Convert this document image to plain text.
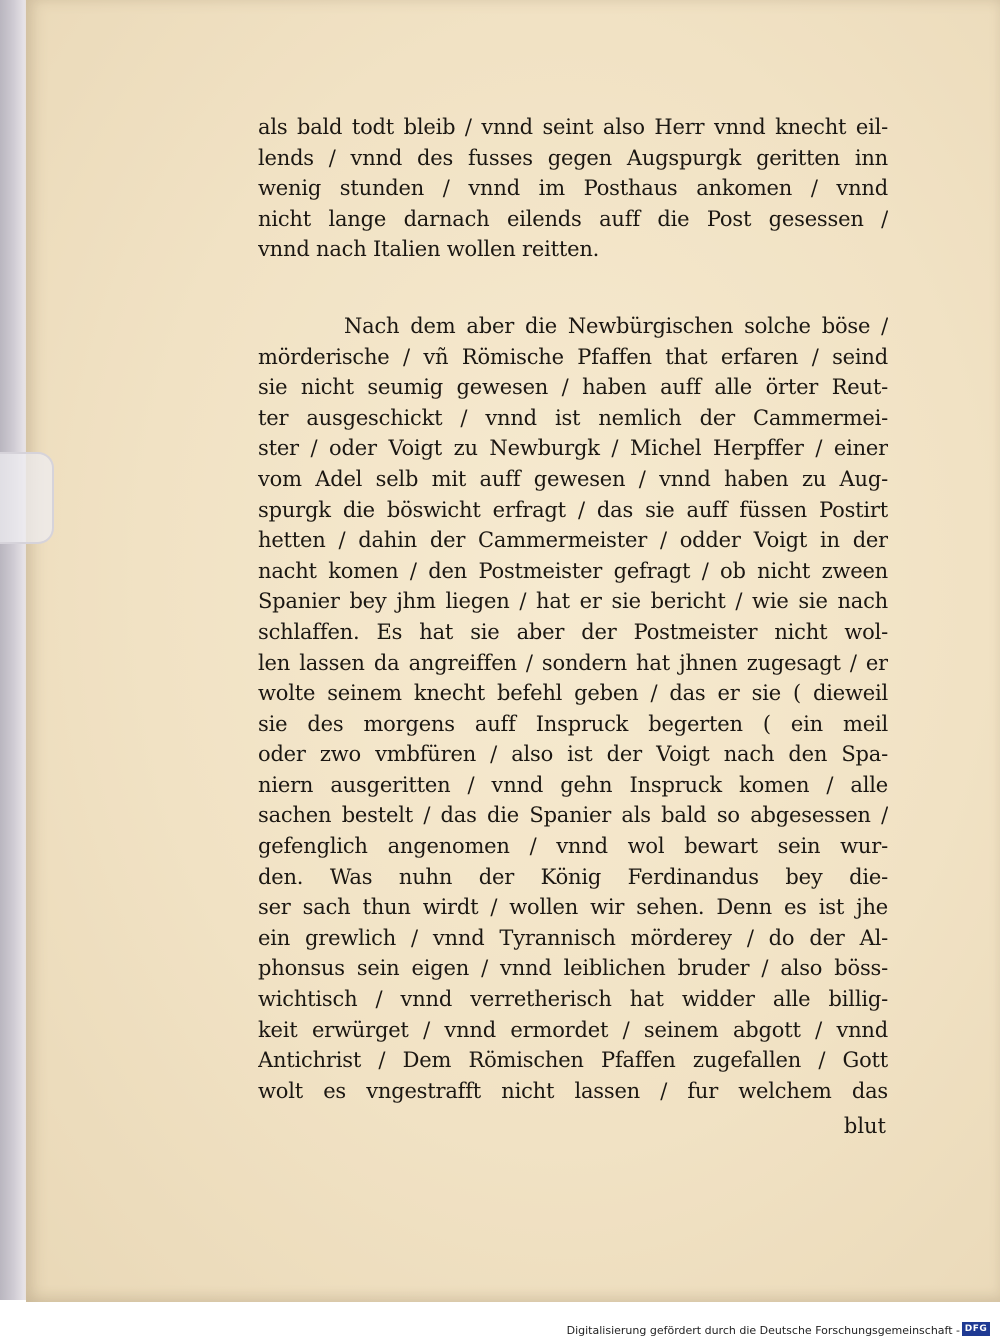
als bald todt bleib / vnnd seint also Herr vnnd knecht eil-
lends / vnnd des fusses gegen Augspurgk geritten inn
wenig stunden / vnnd im Posthaus ankomen / vnnd
nicht lange darnach eilends auff die Post gesessen /
vnnd nach Italien wollen reitten.
Nach dem aber die Newbürgischen solche böse /
mörderische / vñ Römische Pfaffen that erfaren / seind
sie nicht seumig gewesen / haben auff alle örter Reut-
ter ausgeschickt / vnnd ist nemlich der Cammermei-
ster / oder Voigt zu Newburgk / Michel Herpffer / einer
vom Adel selb mit auff gewesen / vnnd haben zu Aug-
spurgk die böswicht erfragt / das sie auff füssen Postirt
hetten / dahin der Cammermeister / odder Voigt in der
nacht komen / den Postmeister gefragt / ob nicht zween
Spanier bey jhm liegen / hat er sie bericht / wie sie nach
schlaffen. Es hat sie aber der Postmeister nicht wol-
len lassen da angreiffen / sondern hat jhnen zugesagt / er
wolte seinem knecht befehl geben / das er sie ( dieweil
sie des morgens auff Inspruck begerten ( ein meil
oder zwo vmbfüren / also ist der Voigt nach den Spa-
niern ausgeritten / vnnd gehn Inspruck komen / alle
sachen bestelt / das die Spanier als bald so abgesessen /
gefenglich angenomen / vnnd wol bewart sein wur-
den. Was nuhn der König Ferdinandus bey die-
ser sach thun wirdt / wollen wir sehen. Denn es ist jhe
ein grewlich / vnnd Tyrannisch mörderey / do der Al-
phonsus sein eigen / vnnd leiblichen bruder / also böss-
wichtisch / vnnd verretherisch hat widder alle billig-
keit erwürget / vnnd ermordet / seinem abgott / vnnd
Antichrist / Dem Römischen Pfaffen zugefallen / Gott
wolt es vngestrafft nicht lassen / fur welchem das
blut
Digitalisierung gefördert durch die Deutsche Forschungsgemeinschaft - DFG
